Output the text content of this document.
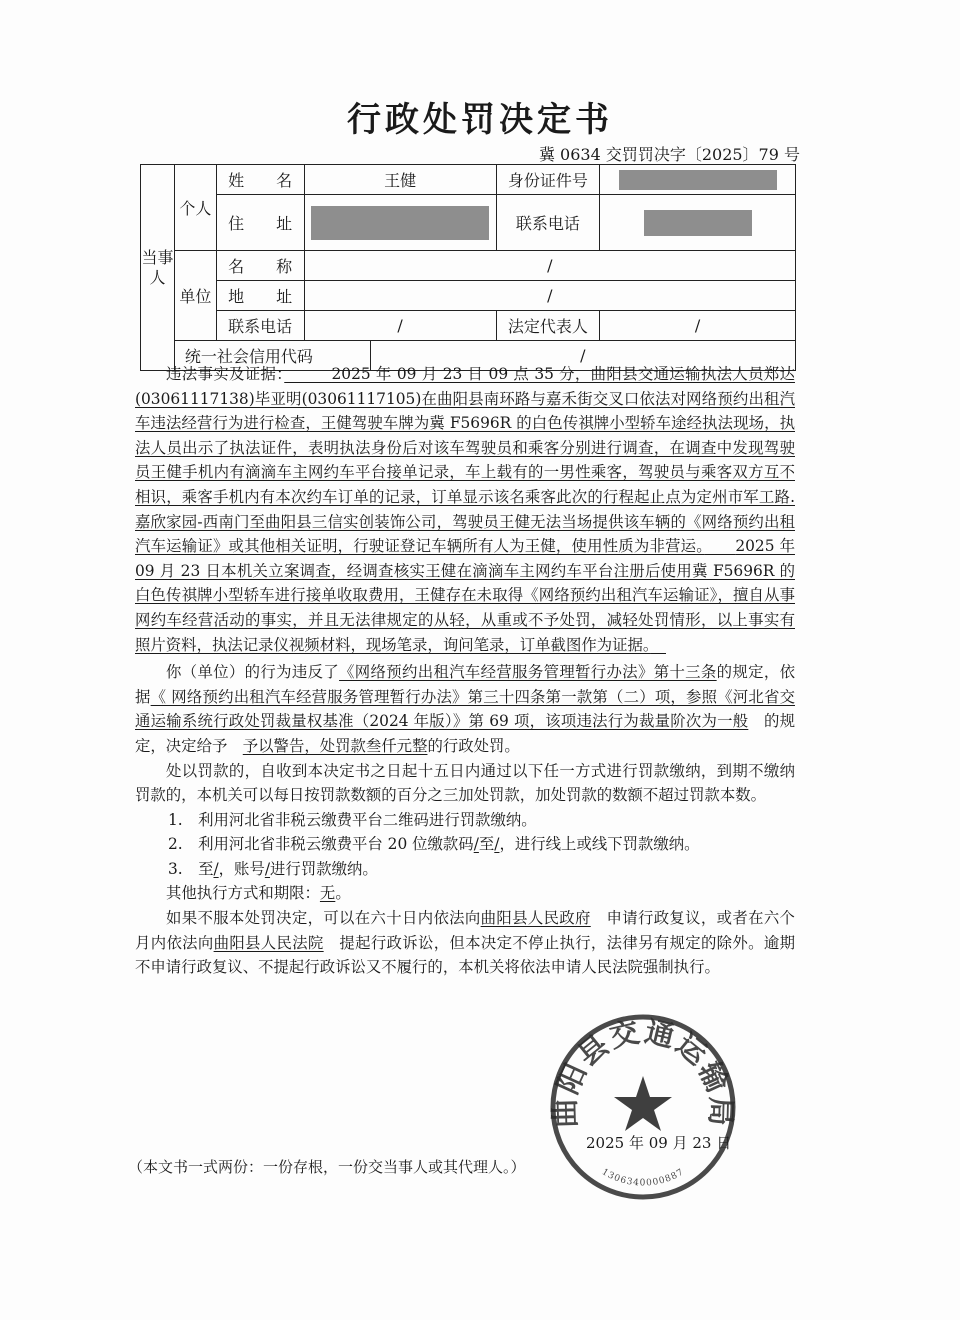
行政处罚决定书
冀 0634 交罚罚决字〔2025〕79 号
当事人	个人	姓　　名	王健		身份证件号	
		住　　址			联系电话	
	单位	名　　称	/			
		地　　址	/			
		联系电话	/		法定代表人	/
	统一社会信用代码			/		

违法事实及证据：　　　	2025 年 09 月 23 日 09 点 35 分，曲阳县交通运输执法人员郑达(03061117138)毕亚明(03061117105)在曲阳县南环路与嘉禾街交叉口依法对网络预约出租汽车违法经营行为进行检查，王健驾驶车牌为冀 F5696R 的白色传祺牌小型轿车途经执法现场，执法人员出示了执法证件，表明执法身份后对该车驾驶员和乘客分别进行调查，在调查中发现驾驶员王健手机内有滴滴车主网约车平台接单记录，车上载有的一男性乘客，驾驶员与乘客双方互不相识，乘客手机内有本次约车订单的记录，订单显示该名乘客此次的行程起止点为定州市军工路.嘉欣家园-西南门至曲阳县三信实创装饰公司，驾驶员王健无法当场提供该车辆的《网络预约出租汽车运输证》或其他相关证明，行驶证登记车辆所有人为王健，使用性质为非营运。　　 2025 年 09 月 23 日本机关立案调查，经调查核实王健在滴滴车主网约车平台注册后使用冀 F5696R 的白色传祺牌小型轿车进行接单收取费用，王健存在未取得《网络预约出租汽车运输证》，擅自从事网约车经营活动的事实，并且无法律规定的从轻，从重或不予处罚，减轻处罚情形，以上事实有照片资料，执法记录仪视频材料，现场笔录，询问笔录，订单截图作为证据。　

你（单位）的行为违反了《网络预约出租汽车经营服务管理暂行办法》第十三条的规定，依据《 网络预约出租汽车经营服务管理暂行办法》第三十四条第一款第（二）项，参照《河北省交通运输系统行政处罚裁量权基准（2024 年版）》第 69 项，该项违法行为裁量阶次为一般　 的规定，决定给予　 予以警告，处罚款叁仟元整的行政处罚。

处以罚款的，自收到本决定书之日起十五日内通过以下任一方式进行罚款缴纳，到期不缴纳罚款的，本机关可以每日按罚款数额的百分之三加处罚款，加处罚款的数额不超过罚款本数。

1.　利用河北省非税云缴费平台二维码进行罚款缴纳。

2.　利用河北省非税云缴费平台 20 位缴款码/至/，进行线上或线下罚款缴纳。

3.　至/，账号/进行罚款缴纳。

其他执行方式和期限：无。

如果不服本处罚决定，可以在六十日内依法向曲阳县人民政府　 申请行政复议，或者在六个月内依法向曲阳县人民法院　 提起行政诉讼，但本决定不停止执行，法律另有规定的除外。逾期不申请行政复议、不提起行政诉讼又不履行的，本机关将依法申请人民法院强制执行。

曲阳县交通运输局
1306340000887
2025 年 09 月 23 日
（本文书一式两份：一份存根，一份交当事人或其代理人。）
